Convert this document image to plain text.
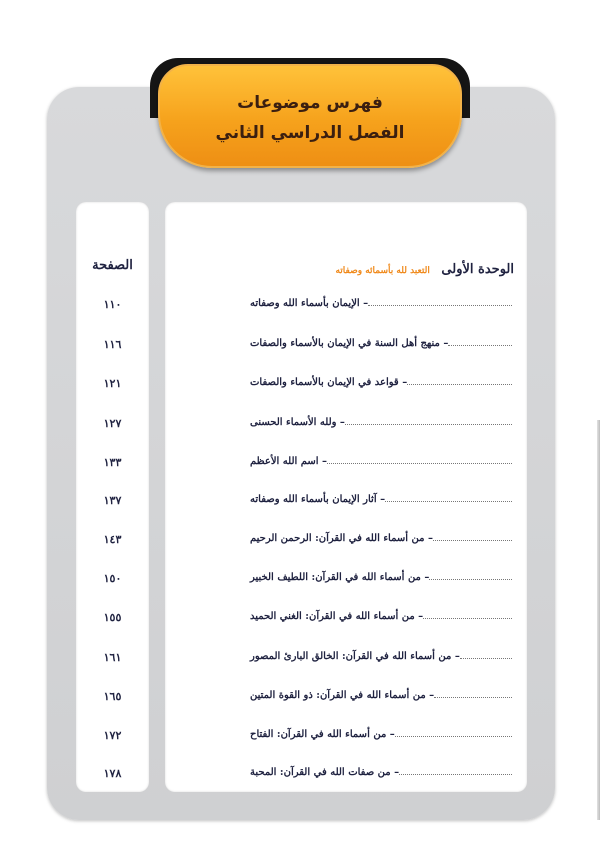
فهرس موضوعات
الفصل الدراسي الثاني
الوحدة الأولى التعبد لله بأسمائه وصفاته
الصفحة
– الإيمان بأسماء الله وصفاته
١١٠
– منهج أهل السنة في الإيمان بالأسماء والصفات
١١٦
– قواعد في الإيمان بالأسماء والصفات
١٢١
– ولله الأسماء الحسنى
١٢٧
– اسم الله الأعظم
١٣٣
– آثار الإيمان بأسماء الله وصفاته
١٣٧
– من أسماء الله في القرآن: الرحمن الرحيم
١٤٣
– من أسماء الله في القرآن: اللطيف الخبير
١٥٠
– من أسماء الله في القرآن: الغني الحميد
١٥٥
– من أسماء الله في القرآن: الخالق البارئ المصور
١٦١
– من أسماء الله في القرآن: ذو القوة المتين
١٦٥
– من أسماء الله في القرآن: الفتاح
١٧٢
– من صفات الله في القرآن: المحبة
١٧٨
